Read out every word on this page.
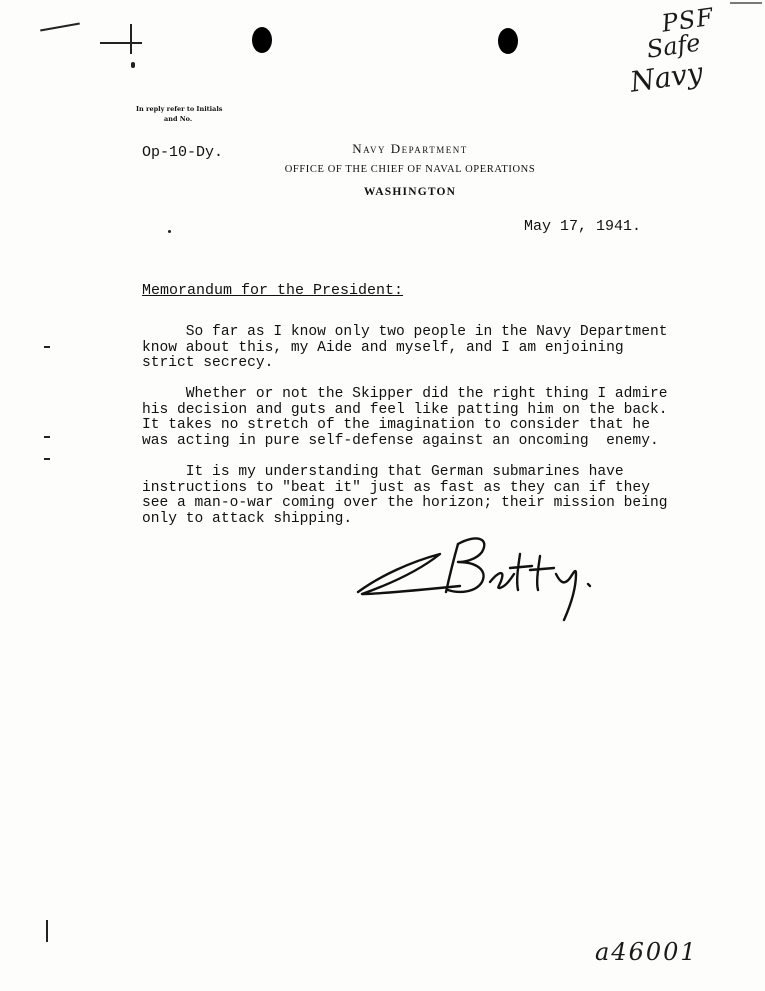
PSF
Safe
Navy
In reply refer to Initials
and No.
Op-10-Dy.	Navy Department
OFFICE OF THE CHIEF OF NAVAL OPERATIONS
WASHINGTON
May 17, 1941.
Memorandum for the President:
So far as I know only two people in the Navy Department
know about this, my Aide and myself, and I am enjoining
strict secrecy.
Whether or not the Skipper did the right thing I admire
his decision and guts and feel like patting him on the back.
It takes no stretch of the imagination to consider that he
was acting in pure self-defense against an oncoming  enemy.
It is my understanding that German submarines have
instructions to "beat it" just as fast as they can if they
see a man-o-war coming over the horizon; their mission being
only to attack shipping.
a46001
